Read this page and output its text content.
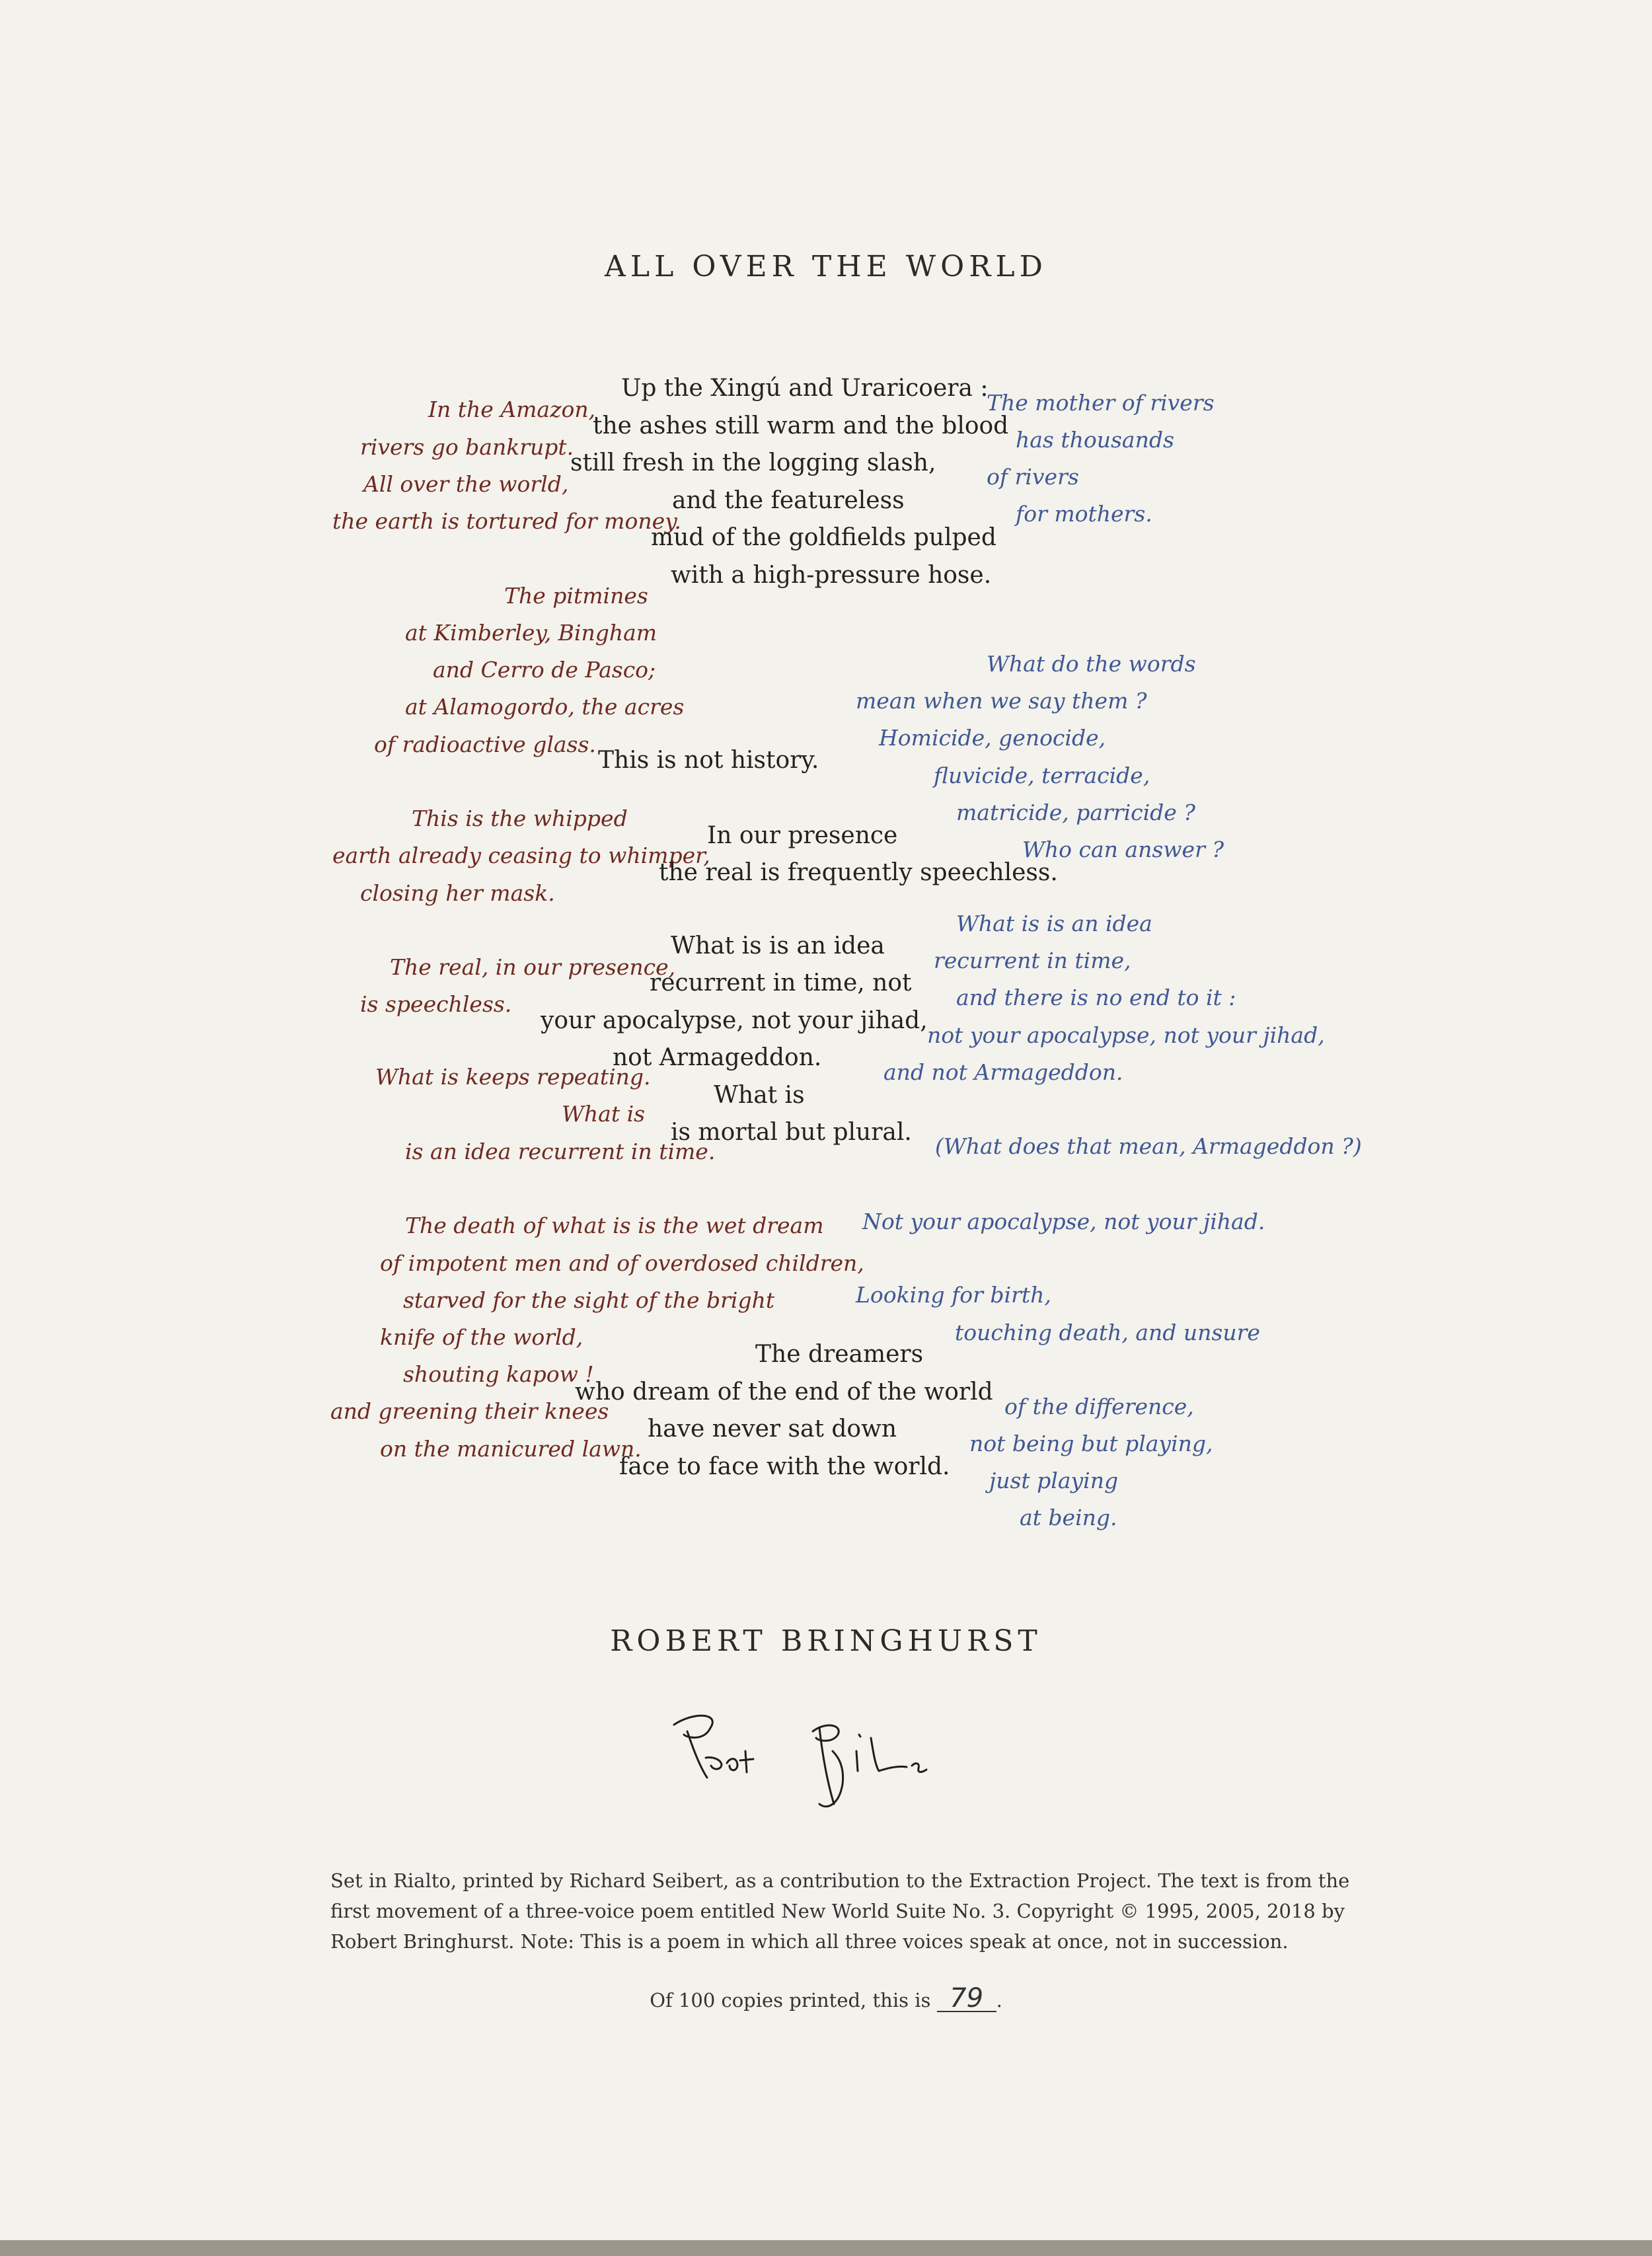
ALL OVER THE WORLD
In the Amazon,
rivers go bankrupt.
All over the world,
the earth is tortured for money.
The pitmines
at Kimberley, Bingham
and Cerro de Pasco;
at Alamogordo, the acres
of radioactive glass.
Up the Xingú and Uraricoera :
the ashes still warm and the blood
still fresh in the logging slash,
and the featureless
mud of the goldfields pulped
with a high-pressure hose.
This is not history.
The mother of rivers
has thousands
of rivers
for mothers.
What do the words
mean when we say them ?
Homicide, genocide,
fluvicide, terracide,
matricide, parricide ?
Who can answer ?
This is the whipped
earth already ceasing to whimper,
closing her mask.
The real, in our presence,
is speechless.
What is keeps repeating.
What is
is an idea recurrent in time.
In our presence
the real is frequently speechless.
What is is an idea
recurrent in time, not
your apocalypse, not your jihad,
not Armageddon.
What is
is mortal but plural.
What is is an idea
recurrent in time,
and there is no end to it :
not your apocalypse, not your jihad,
and not Armageddon.
(What does that mean, Armageddon ?)
The death of what is is the wet dream
of impotent men and of overdosed children,
starved for the sight of the bright
knife of the world,
shouting kapow !
and greening their knees
on the manicured lawn.
The dreamers
who dream of the end of the world
have never sat down
face to face with the world.
Not your apocalypse, not your jihad.
Looking for birth,
touching death, and unsure
of the difference,
not being but playing,
just playing
at being.
ROBERT BRINGHURST
Set in Rialto, printed by Richard Seibert, as a contribution to the Extraction Project. The text is from the
first movement of a three-voice poem entitled New World Suite No. 3. Copyright © 1995, 2005, 2018 by
Robert Bringhurst. Note: This is a poem in which all three voices speak at once, not in succession.
Of 100 copies printed, this is 79 .
